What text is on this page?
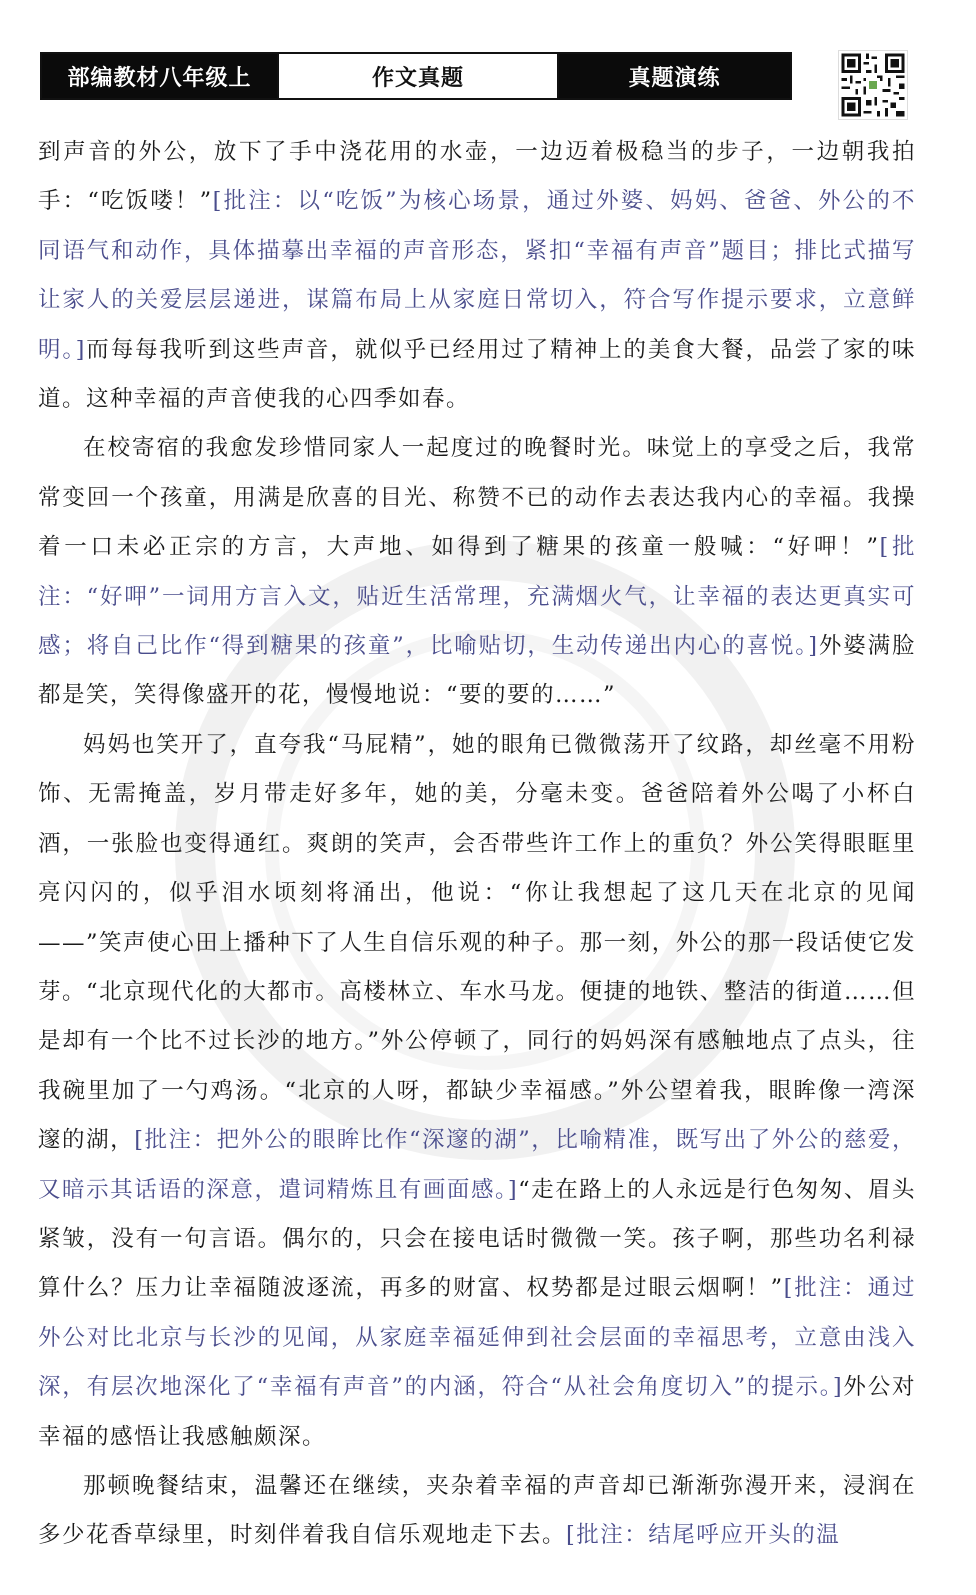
部编教材八年级上	作文真题	真题演练

到声音的外公，放下了手中浇花用的水壶，一边迈着极稳当的步子，一边朝我拍手：“吃饭喽！”[批注：以“吃饭”为核心场景，通过外婆、妈妈、爸爸、外公的不同语气和动作，具体描摹出幸福的声音形态，紧扣“幸福有声音”题目；排比式描写让家人的关爱层层递进，谋篇布局上从家庭日常切入，符合写作提示要求，立意鲜明。]而每每我听到这些声音，就似乎已经用过了精神上的美食大餐，品尝了家的味道。这种幸福的声音使我的心四季如春。

在校寄宿的我愈发珍惜同家人一起度过的晚餐时光。味觉上的享受之后，我常常变回一个孩童，用满是欣喜的目光、称赞不已的动作去表达我内心的幸福。我操着一口未必正宗的方言，大声地、如得到了糖果的孩童一般喊：“好呷！”[批注：“好呷”一词用方言入文，贴近生活常理，充满烟火气，让幸福的表达更真实可感；将自己比作“得到糖果的孩童”，比喻贴切，生动传递出内心的喜悦。]外婆满脸都是笑，笑得像盛开的花，慢慢地说：“要的要的……”

妈妈也笑开了，直夸我“马屁精”，她的眼角已微微荡开了纹路，却丝毫不用粉饰、无需掩盖，岁月带走好多年，她的美，分毫未变。爸爸陪着外公喝了小杯白酒，一张脸也变得通红。爽朗的笑声，会否带些许工作上的重负？外公笑得眼眶里亮闪闪的，似乎泪水顷刻将涌出，他说：“你让我想起了这几天在北京的见闻——”笑声使心田上播种下了人生自信乐观的种子。那一刻，外公的那一段话使它发芽。“北京现代化的大都市。高楼林立、车水马龙。便捷的地铁、整洁的街道……但是却有一个比不过长沙的地方。”外公停顿了，同行的妈妈深有感触地点了点头，往我碗里加了一勺鸡汤。“北京的人呀，都缺少幸福感。”外公望着我，眼眸像一湾深邃的湖，[批注：把外公的眼眸比作“深邃的湖”，比喻精准，既写出了外公的慈爱，又暗示其话语的深意，遣词精炼且有画面感。]“走在路上的人永远是行色匆匆、眉头紧皱，没有一句言语。偶尔的，只会在接电话时微微一笑。孩子啊，那些功名利禄算什么？压力让幸福随波逐流，再多的财富、权势都是过眼云烟啊！”[批注：通过外公对比北京与长沙的见闻，从家庭幸福延伸到社会层面的幸福思考，立意由浅入深，有层次地深化了“幸福有声音”的内涵，符合“从社会角度切入”的提示。]外公对幸福的感悟让我感触颇深。

那顿晚餐结束，温馨还在继续，夹杂着幸福的声音却已渐渐弥漫开来，浸润在多少花香草绿里，时刻伴着我自信乐观地走下去。[批注：结尾呼应开头的温
